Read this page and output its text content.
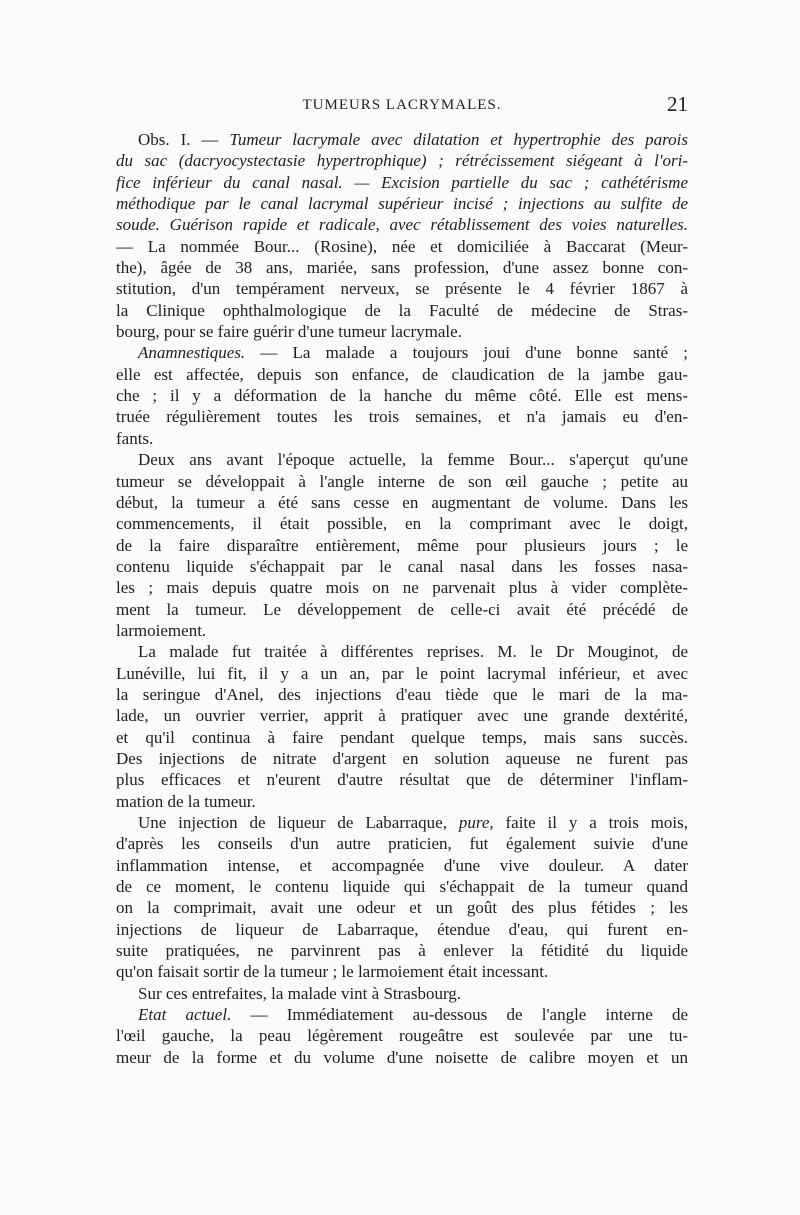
TUMEURS LACRYMALES.	21
Obs. I. — Tumeur lacrymale avec dilatation et hypertrophie des parois
du sac (dacryocystectasie hypertrophique) ; rétrécissement siégeant à l'ori-
fice inférieur du canal nasal. — Excision partielle du sac ; cathétérisme
méthodique par le canal lacrymal supérieur incisé ; injections au sulfite de
soude. Guérison rapide et radicale, avec rétablissement des voies naturelles.
— La nommée Bour... (Rosine), née et domiciliée à Baccarat (Meur-
the), âgée de 38 ans, mariée, sans profession, d'une assez bonne con-
stitution, d'un tempérament nerveux, se présente le 4 février 1867 à
la Clinique ophthalmologique de la Faculté de médecine de Stras-
bourg, pour se faire guérir d'une tumeur lacrymale.
Anamnestiques. — La malade a toujours joui d'une bonne santé ;
elle est affectée, depuis son enfance, de claudication de la jambe gau-
che ; il y a déformation de la hanche du même côté. Elle est mens-
truée régulièrement toutes les trois semaines, et n'a jamais eu d'en-
fants.
Deux ans avant l'époque actuelle, la femme Bour... s'aperçut qu'une
tumeur se développait à l'angle interne de son œil gauche ; petite au
début, la tumeur a été sans cesse en augmentant de volume. Dans les
commencements, il était possible, en la comprimant avec le doigt,
de la faire disparaître entièrement, même pour plusieurs jours ; le
contenu liquide s'échappait par le canal nasal dans les fosses nasa-
les ; mais depuis quatre mois on ne parvenait plus à vider complète-
ment la tumeur. Le développement de celle-ci avait été précédé de
larmoiement.
La malade fut traitée à différentes reprises. M. le Dr Mouginot, de
Lunéville, lui fit, il y a un an, par le point lacrymal inférieur, et avec
la seringue d'Anel, des injections d'eau tiède que le mari de la ma-
lade, un ouvrier verrier, apprit à pratiquer avec une grande dextérité,
et qu'il continua à faire pendant quelque temps, mais sans succès.
Des injections de nitrate d'argent en solution aqueuse ne furent pas
plus efficaces et n'eurent d'autre résultat que de déterminer l'inflam-
mation de la tumeur.
Une injection de liqueur de Labarraque, pure, faite il y a trois mois,
d'après les conseils d'un autre praticien, fut également suivie d'une
inflammation intense, et accompagnée d'une vive douleur. A dater
de ce moment, le contenu liquide qui s'échappait de la tumeur quand
on la comprimait, avait une odeur et un goût des plus fétides ; les
injections de liqueur de Labarraque, étendue d'eau, qui furent en-
suite pratiquées, ne parvinrent pas à enlever la fétidité du liquide
qu'on faisait sortir de la tumeur ; le larmoiement était incessant.
Sur ces entrefaites, la malade vint à Strasbourg.
Etat actuel. — Immédiatement au-dessous de l'angle interne de
l'œil gauche, la peau légèrement rougeâtre est soulevée par une tu-
meur de la forme et du volume d'une noisette de calibre moyen et un
